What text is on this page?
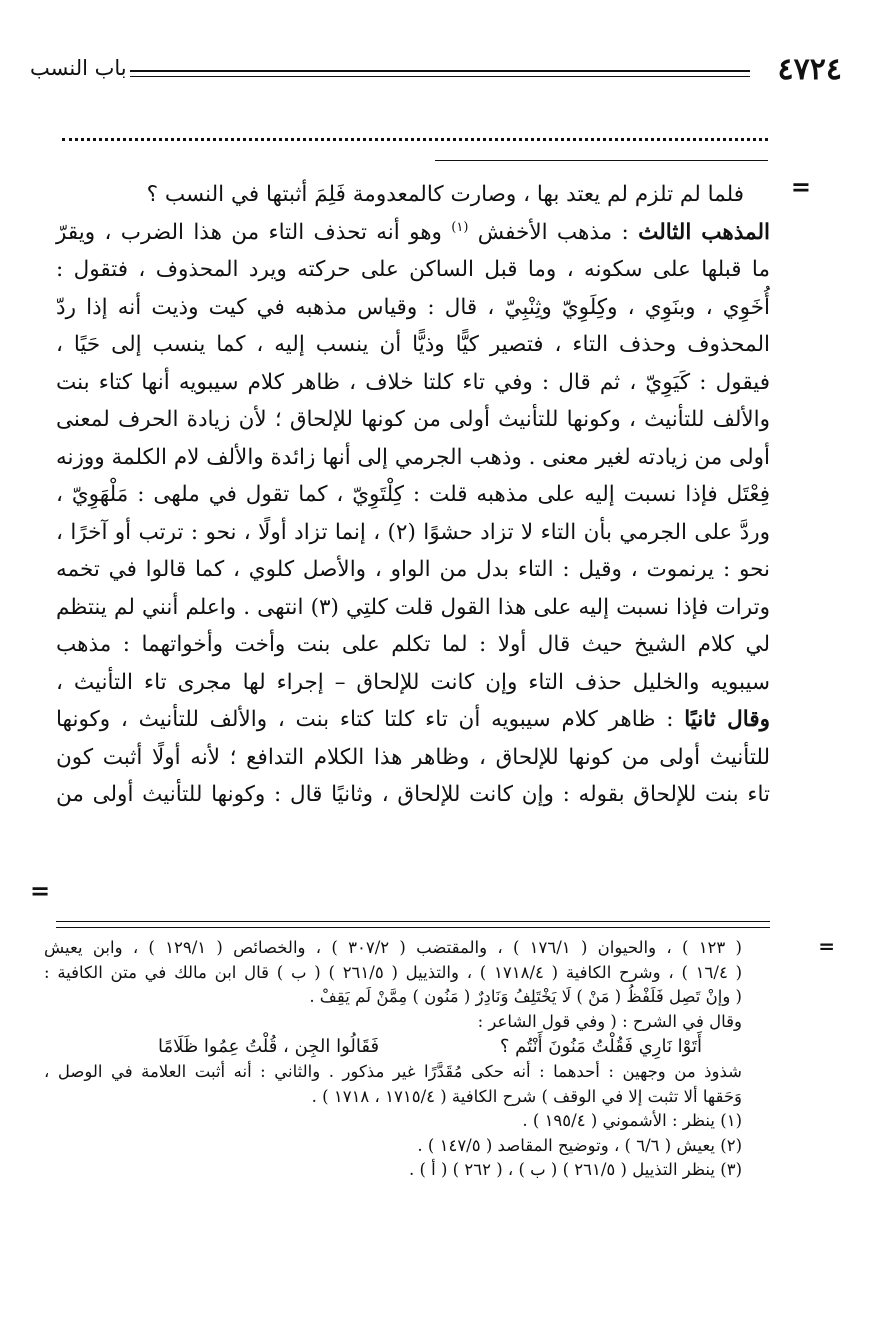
٤٧٢٤
باب النسب
=
فلما لم تلزم لم يعتد بها ، وصارت كالمعدومة فَلِمَ أثبتها في النسب ؟
المذهب الثالث : مذهب الأخفش $^{(١)}$ وهو أنه تحذف التاء من هذا الضرب ، ويقرّ
ما قبلها على سكونه ، وما قبل الساكن على حركته ويرد المحذوف ، فتقول :
أُخَوِي ، وبنَوِي ، وكِلَوِيّ وثِنْبِيّ ، قال : وقياس مذهبه في كيت وذيت أنه إذا ردّ
المحذوف وحذف التاء ، فتصير كيًّا وذيًّا أن ينسب إليه ، كما ينسب إلى حَيًا ،
فيقول : كَيَوِيّ ، ثم قال : وفي تاء كلتا خلاف ، ظاهر كلام سيبويه أنها كتاء بنت
والألف للتأنيث ، وكونها للتأنيث أولى من كونها للإلحاق ؛ لأن زيادة الحرف لمعنى
أولى من زيادته لغير معنى . وذهب الجرمي إلى أنها زائدة والألف لام الكلمة ووزنه
فِعْتَل فإذا نسبت إليه على مذهبه قلت : كِلْتَوِيّ ، كما تقول في ملهى : مَلْهَوِيّ ،
وردَّ على الجرمي بأن التاء لا تزاد حشوًا (٢) ، إنما تزاد أولًا ، نحو : ترتب أو آخرًا ،
نحو : يرنموت ، وقيل : التاء بدل من الواو ، والأصل كلوي ، كما قالوا في تخمه
وترات فإذا نسبت إليه على هذا القول قلت كلتِي (٣) انتهى . واعلم أنني لم ينتظم
لي كلام الشيخ حيث قال أولا : لما تكلم على بنت وأخت وأخواتهما : مذهب
سيبويه والخليل حذف التاء وإن كانت للإلحاق – إجراء لها مجرى تاء التأنيث ،
وقال ثانيًا : ظاهر كلام سيبويه أن تاء كلتا كتاء بنت ، والألف للتأنيث ، وكونها
للتأنيث أولى من كونها للإلحاق ، وظاهر هذا الكلام التدافع ؛ لأنه أولًا أثبت كون
تاء بنت للإلحاق بقوله : وإن كانت للإلحاق ، وثانيًا قال : وكونها للتأنيث أولى من
=
=
( ١٢٣ ) ، والحيوان ( ١٧٦/١ ) ، والمقتضب ( ٣٠٧/٢ ) ، والخصائص ( ١٢٩/١ ) ، وابن يعيش
( ١٦/٤ ) ، وشرح الكافية ( ١٧١٨/٤ ) ، والتذييل ( ٢٦١/٥ ) ( ب ) قال ابن مالك في متن الكافية :
( وإنْ تَصِل فَلَفْظُ ( مَنْ ) لَا يَخْتَلِفُ وَنَادِرٌ ( مَنُون ) مِمَّنْ لَم يَقِفْ .
وقال في الشرح : ( وفي قول الشاعر :
أَتَوْا نَارِي فَقُلْتُ مَنُونَ أَنْتُم ؟
فَقَالُوا الجِن ، قُلْتُ عِمُوا ظَلَامًا
شذوذ من وجهين : أحدهما : أنه حكى مُقَدَّرًا غير مذكور . والثاني : أنه أثبت العلامة في الوصل ،
وَحَقها ألا تثبت إلا في الوقف ) شرح الكافية ( ١٧١٥/٤ ، ١٧١٨ ) .
(١) ينظر : الأشموني ( ١٩٥/٤ ) .
(٢) يعيش ( ٦/٦ ) ، وتوضيح المقاصد ( ١٤٧/٥ ) .
(٣) ينظر التذييل ( ٢٦١/٥ ) ( ب ) ، ( ٢٦٢ ) ( أ ) .
